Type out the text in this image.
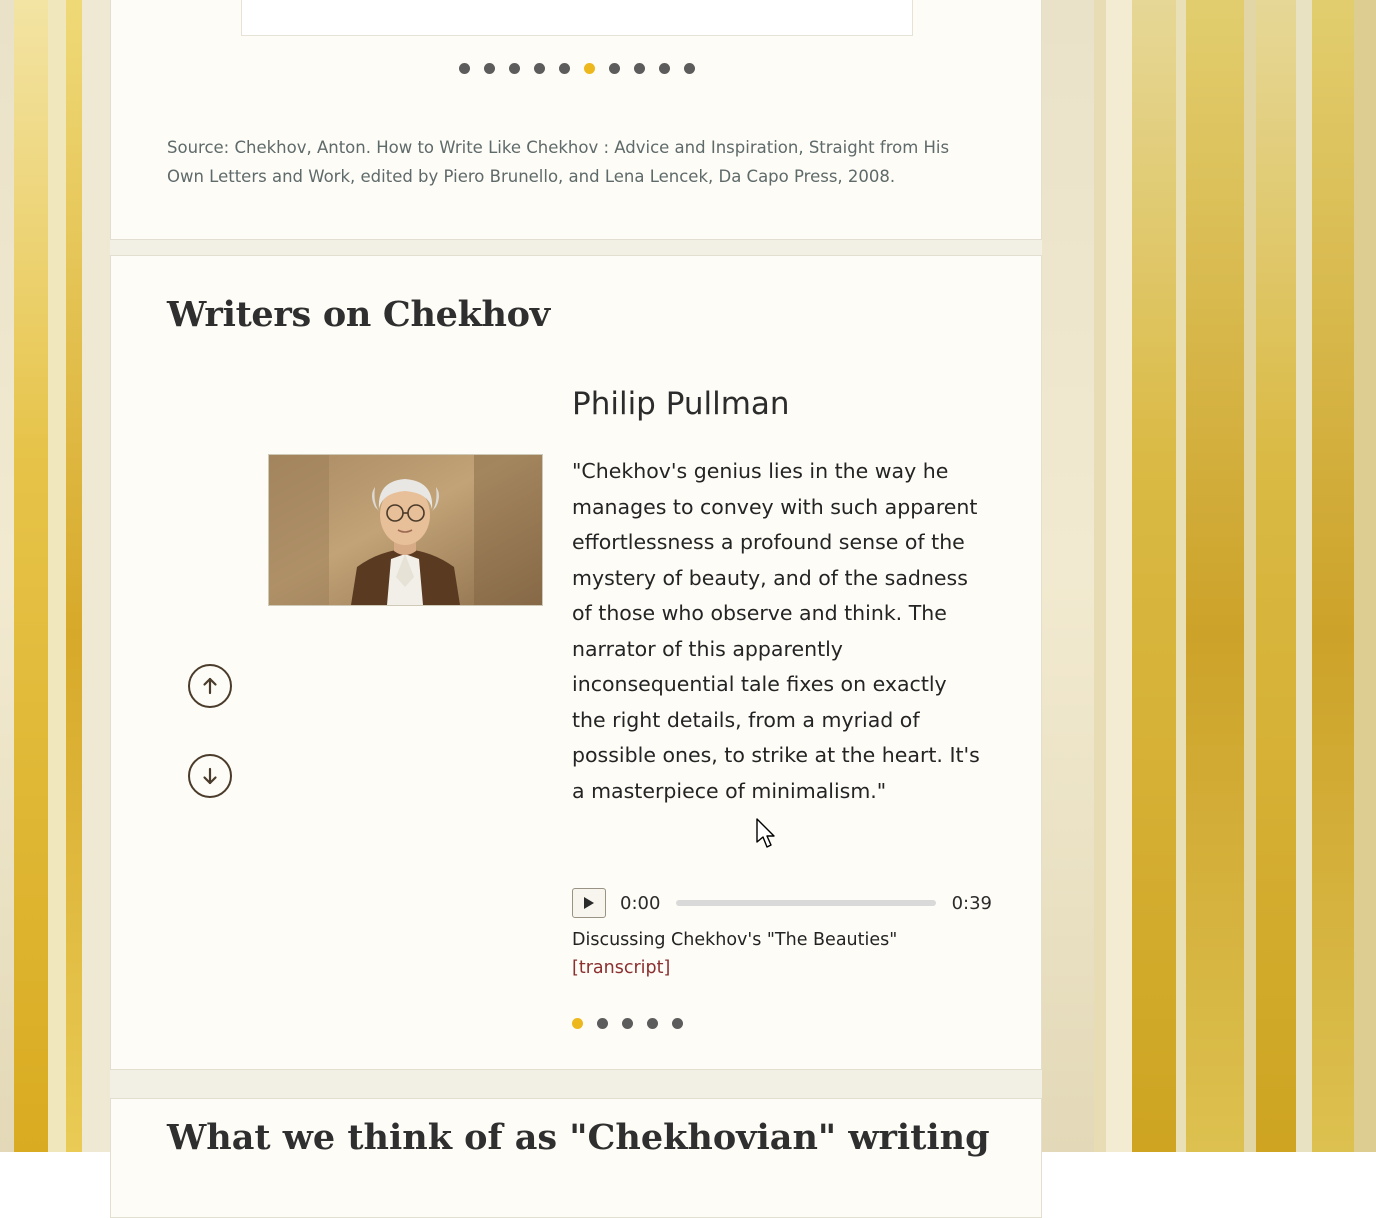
Source: Chekhov, Anton. How to Write Like Chekhov : Advice and Inspiration, Straight from His Own Letters and Work, edited by Piero Brunello, and Lena Lencek, Da Capo Press, 2008.
Writers on Chekhov
Philip Pullman
"Chekhov's genius lies in the way he manages to convey with such apparent effortlessness a profound sense of the mystery of beauty, and of the sadness of those who observe and think. The narrator of this apparently inconsequential tale fixes on exactly the right details, from a myriad of possible ones, to strike at the heart. It's a masterpiece of minimalism."
0:00	0:39
Discussing Chekhov's "The Beauties"
[transcript]
What we think of as "Chekhovian" writing
